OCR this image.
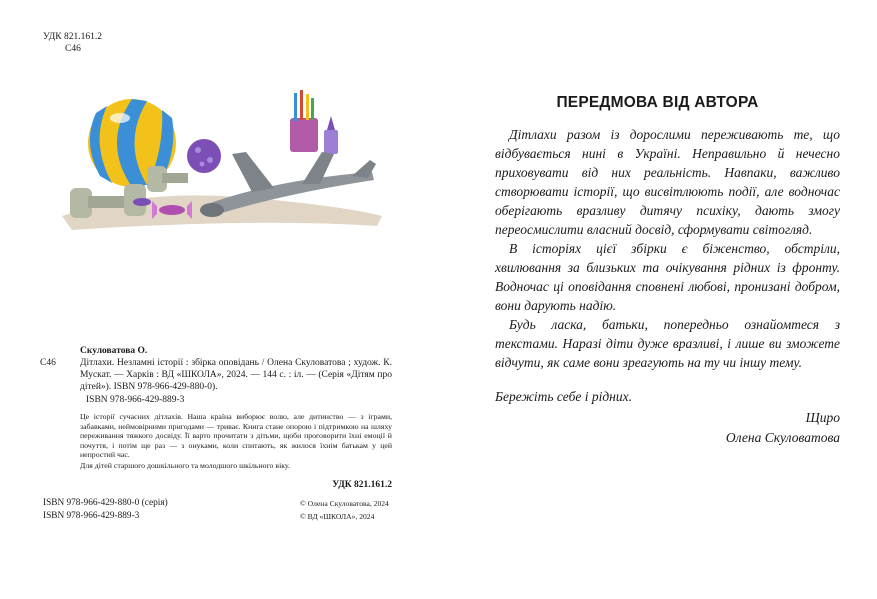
УДК 821.161.2
С46
Скуловатова О.
С46	Дітлахи. Незламні історії : збірка оповідань / Олена Скуловатова ; худож. К. Мускат. — Харків : ВД «ШКОЛА», 2024. — 144 с. : іл. — (Серія «Дітям про дітей»). ISBN 978-966-429-880-0).
ISBN 978-966-429-889-3

Це історії сучасних дітлахів. Наша країна виборює волю, але дитинство — з іграми, забавками, неймовірними пригодами — триває. Книга стане опорою і підтримкою на шляху переживання тяжкого досвіду. Її варто прочитати з дітьми, щоби проговорити їхні емоції й почуття, і потім ще раз — з онуками, коли спитають, як жилося їхнім батькам у цей непростий час.

Для дітей старшого дошкільного та молодшого шкільного віку.

УДК 821.161.2
ISBN 978-966-429-880-0 (серія)
ISBN 978-966-429-889-3
© Олена Скуловатова, 2024
© ВД «ШКОЛА», 2024
ПЕРЕДМОВА ВІД АВТОРА

Дітлахи разом із дорослими переживають те, що відбувається нині в Україні. Неправильно й нечесно приховувати від них реальність. Навпаки, важливо створювати історії, що висвітлюють події, але водночас оберігають вразливу дитячу психіку, дають змогу переосмислити власний досвід, сформувати світогляд.

В історіях цієї збірки є біженство, обстріли, хвилювання за близьких та очікування рідних із фронту. Водночас ці оповідання сповнені любові, пронизані добром, вони дарують надію.

Будь ласка, батьки, попередньо ознайомтеся з текстами. Наразі діти дуже вразливі, і лише ви зможете відчути, як саме вони зреагують на ту чи іншу тему.

Бережіть себе і рідних.
Щиро
Олена Скуловатова
